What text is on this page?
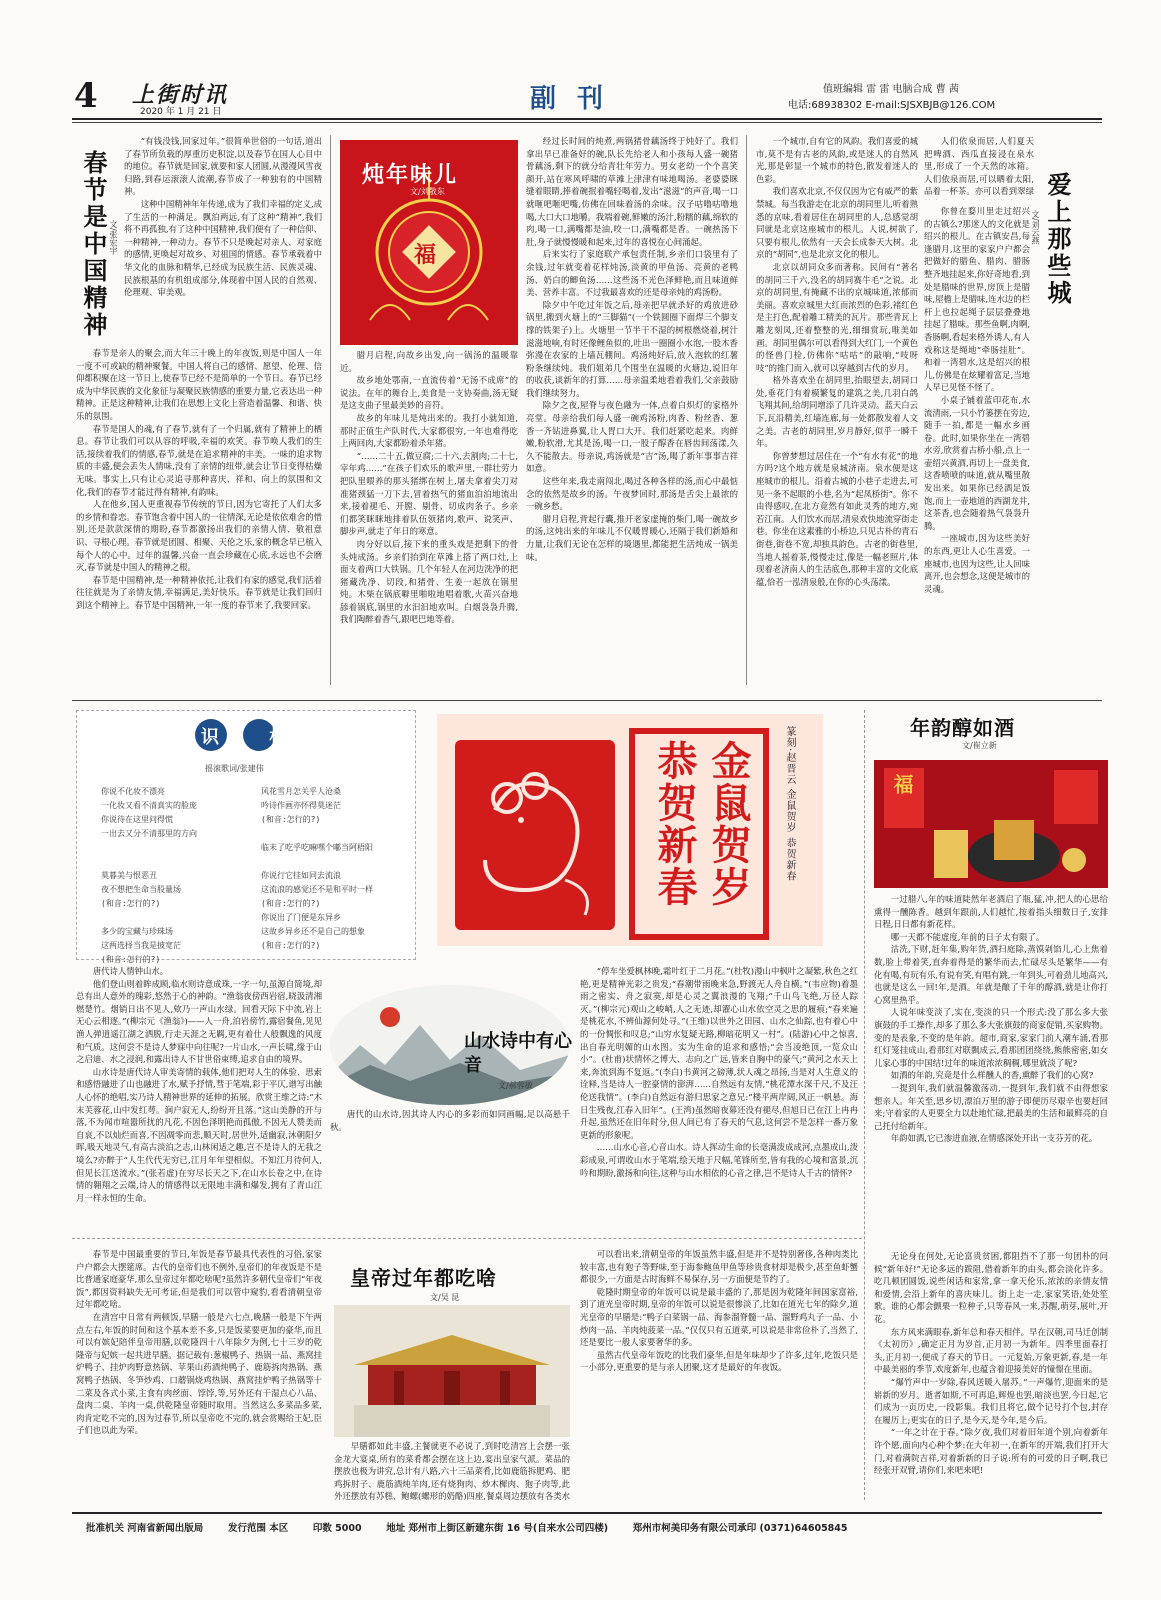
4 上街时讯
2020 年 1 月 21 日	副 刊	值班编辑 雷 雷 电脑合成 曹 茜
电话:68938302 E-mail:SJSXBJB@126.COM
春节是中国精神 文/张宏宇

“有钱没钱,回家过年。”很简单世俗的一句话,道出了春节所负载的厚重历史积淀,以及春节在国人心目中的地位。春节就是回家,就要和家人团圆,从漫漫风雪夜归路,到春运滚滚人流潮,春节成了一种独有的中国精神。

这种中国精神年年传递,成为了我们幸福的定义,成了生活的一种满足。飘泊两远,有了这种“精神”,我们将不再孤独,有了这种中国精神,我们便有了一种信仰、一种精神,一种动力。春节不只是晚起对亲人、对家庭的感情,更唤起对故乡、对祖国的情感。春节承载着中华文化的血脉和精华,已经成为民族生活、民族灵魂、民族根基的有机组成部分,体现着中国人民的自然观、伦理观、审美观。

春节是亲人的聚会,而大年三十晚上的年夜饭,则是中国人一年一度不可或缺的精神聚餐。中国人将自己的感情、愿望、伦理、信仰都积聚在这一节日上,使春节已经不是简单的一个节日。春节已经成为中华民族的文化象征与凝聚民族情感的重要力量,它表达出一种精神。正是这种精神,让我们在思想上文化上营造着温馨、和谐、快乐的氛围。

春节是国人的魂,有了春节,就有了一个归属,就有了精神上的栖息。春节让我们可以从容的呼吸,幸福的欢笑。春节唤人我们的生活,接续着我们的情感,春节,就是在追求精神的丰美。一味的追求物质的丰盛,便会丢失人情味,没有了亲情的纽带,就会让节日变得枯燥无味。事实上,只有让心灵追寻那种喜庆、祥和、向上的氛围和文化,我们的春节才能过得有精神,有韵味。

人在他乡,国人更重视春节传统的节日,因为它寄托了人们太多的乡情和眷恋。春节饱含着中国人的一往情深,无论是依依难舍的惜别,还是款款深情的期盼,春节都激扬出我们的亲情人情、敬祖意识、寻根心理。春节就是团圆、相聚、天伦之乐,家的概念早已植入每个人的心中。过年的温馨,兴奋一直会珍藏在心底,永远也不会磨灭,春节就是中国人的精神之根。

春节是中国精神,是一种精神依托,让我们有家的感觉,我们活着往往就是为了亲情友情,幸福满足,美好快乐。春节就是让我们回归到这个精神上。春节是中国精神,一年一度的春节来了,我要回家。

炖年味儿
文/刘敬东
福

腊月启程,向故乡出发,向一锅汤的温暖靠近。

故乡地处鄂南,一直流传着“无汤不成席”的说法。在年的舞台上,美食是一支协奏曲,汤无疑是这支曲子里最美妙的音符。

故乡的年味儿是炖出来的。我打小就知道,那时正值生产队时代,大家都很穷,一年也难得吃上两回肉,大家都盼着杀年猪。

“……二十五,做豆腐;二十六,去割肉;二十七,宰年鸡……”在孩子们欢乐的歌声里,一群壮劳力把队里喂养的那头猪绑在树上,屠夫拿着尖刀对准猪颈猛一刀下去,冒着热气的猪血泊泊地流出来,接着褪毛、开膛、剔骨、切成肉条子。乡亲们都笑眯眯地排着队伍领猪肉,歌声、说笑声、脚步声,就走了年日的寒意。

肉分好以后,接下来的重头戏是把剩下的骨头炖成汤。乡亲们抬到在草滩上搭了两口灶,上面支着两口大铁锅。几个年轻人在河边洗净的把猪藏洗净、切段,和猪骨、生姜一起放在锅里炖。木柴在锅底噼里啪啦地唱着歌,火苗兴奋地舔着锅底,锅里的水汩汩地欢叫。白烟袅袅升腾,我们陶醉着香气,跟吧巴地等着。

经过长时间的炖煮,两锅猪骨藕汤终于炖好了。我们拿出早已准备好的碗,队长先给老人和小孩每人盛一碗猪骨藕汤,剩下的就分给青壮年劳力。男女老幼一个个喜笑颜开,站在寒风呼啸的草滩上津津有味地喝汤。老婆婆眯缝着眼睛,捧着碗抿着嘴轻喝着,发出“滋滋”的声音,喝一口就咂吧咂吧嘴,仿佛在回味着汤的余味。汉子咕噜咕噜地喝,大口大口地嚼。我端着碗,鲜嫩的汤汁,粉糯的藕,绵软的肉,喝一口,满嘴都是油,咬一口,满嘴都是香。一碗热汤下肚,身子就慢慢暖和起来,过年的喜悦在心间涌起。

后来实行了家庭联产承包责任制,乡亲们口袋里有了余钱,过年就变着花样炖汤,淡黄的甲鱼汤、亮黄的老鸭汤、奶白的鲫鱼汤……这些汤不光色泽鲜艳,而且味道鲜美、营养丰富。不过我最喜欢的还是母亲炖的鸡汤粉。

除夕中午吃过年饭之后,母亲把早就杀好的鸡放进砂锅里,搬到火塘上的“三脚猫”(一个铁圆圈下面焊三个脚支撑的铁架子)上。火塘里一节半干不湿的树根燃烧着,树汁滋滋地响,有时还像鲤鱼似的,吐出一圈圈小水泡,一股木香弥漫在农家的上墙瓦棚间。鸡汤炖好后,放入泡软的红薯粉条继续炖。我们姐弟几个围坐在温暖的火塘边,说旧年的收获,谈新年的打算……母亲温柔地看着我们,父亲鼓励我们继续努力。

除夕之夜,屋脊与夜色融为一体,点着白炽灯的家格外亮堂。母亲给我们每人盛一碗鸡汤粉,肉香、粉丝香、葱香一齐钻进鼻翼,让人胃口大开。我们赶紧吃起来。肉鲜嫩,粉软滑,尤其是汤,喝一口,一股子醇香在唇齿间荡漾,久久不能散去。母亲说,鸡汤就是“吉”汤,喝了新年事事吉祥如意。

这些年来,我走南闯北,喝过各种各样的汤,而心中最惦念的依然是故乡的汤。午夜梦回时,那汤是舌尖上最浓的一碗乡愁。

腊月启程,背起行囊,推开老家虚掩的柴门,喝一碗故乡的汤,这炖出来的年味儿不仅暖胃暖心,还隔于我们新婚和力量,让我们无论在怎样的境遇里,都能把生活炖成一锅美味。

一个城市,自有它的风韵。我们喜爱的城市,莫不是有古老的风韵,或是迷人的自然风光,那是彰显一个城市的特色,散发着迷人的色彩。

我们喜欢北京,不仅仅因为它有威严的紫禁城。每当我游走在北京的胡同里儿,听着熟悉的京味,看着居住在胡同里的人,总感觉胡同就是北京这座城市的根儿。人说,树欲了,只要有根儿,依然有一天会长成参天大树。北京的“胡同”,也是北京文化的根儿。

北京以胡同众多而著称。民间有“著名的胡同三千六,没名的胡同赛牛毛”之说。北京的胡同里,有掩藏不出的京城味道,浓郁而美丽。喜欢京城里大红而浓烈的色彩,褚红色是主打色,配着雕工精美的瓦片。那些青瓦上雕龙刻凤,还着整整的光,细细赏玩,唯美如画。胡同里偶尔可以看得到大红门,一个黄色的怪兽门栓,仿佛你“咕咕”的敲响,“吱呀吱”的推门而入,就可以穿越到古代的岁月。

格外喜欢坐在胡同里,抬眼望去,胡同口处,垂花门有着模繁复的建筑之美,几羽白鸽飞翔其间,给胡同增添了几许灵动。蓝天白云下,瓦沿精美,红墙连廊,每一处都散发着人文之美。古老的胡同里,岁月静好,似乎一瞬千年。

你曾梦想过居住在一个“有水有花”的地方吗?这个地方就是泉城济南。泉水便是这座城市的根儿。沿着古城的小巷子走进去,可见一条不起眼的小巷,名为“起凤桥街”。你不由得感叹,在北方竟然有如此灵秀的地方,宛若江南。人们饮水而居,清泉欢快地流穿街走巷。你坐在这素雅的小桥边,只见古朴的青石街巷,街巷不宽,却独具韵色。古老的街巷里,当地人摇着茶,慢慢走过,像是一幅老照片,体现着老济南人的生活底色,那种丰富的文化底蕴,恰若一泓清泉般,在你的心头荡漾。

人们依泉而居,人们夏天把啤酒、西瓜直接浸在泉水里,形成了一个天然的冰箱。人们依泉而居,可以晒着太阳,品着一杯茶。亦可以看到翠绿 爱上那些城
文/刘云燕

你曾在婺川里走过绍兴的古镇么?那迷人的文化就是绍兴的根儿。在古镇安昌,每逢腊月,这里的家家户户都会把做好的腊鱼、腊肉、腊肠整齐地挂起来,你好奇地看,到处是腊味的世界,房顶上是腊味,屋檐上是腊味,连水边的栏杆上也拉起绳子层层叠叠地挂起了腊味。那些鱼啊,肉啊,香肠啊,看起来格外诱人,有人戏称这是绳地“牵肠挂肚”。和着一湾碧水,这是绍兴的根儿,仿佛是在炫耀着富足,当地人早已见怪不怪了。

小桌子铺着蓝印花布,水流清雨,一只小竹篓摆在旁边,随手一拍,都是一幅水乡画卷。此时,如果你坐在一湾碧水旁,欣赏着古桥小船,点上一壶绍兴黄酒,再切上一盘美食,这香喷喷的味道,就从嘴里散发出来。如果你已经酒足饭饱,而上一壶地道的西湖龙井,这茶香,也会随着热气袅袅升腾。

一座城市,因为这些美好的东西,更让人心生喜爱。一座城市,也因为这些,让人回味离开,也会想念,这便是城市的灵魂。

识 相
摇滚歌词/张建伟
你说不化妆不漂亮
一化妆又看不清真实的脸庞
你说待在这里问得慌
一出去又分不清那里的方向

莫暮美与恨恶丑
夜不想把生命当股量场
(和音:怎行的?)

多少的宝藏与珍珠场
这两选择当我是披宽茫
(和音:怎行的?)
风花雪月怎关乎人沧桑
吟诗作画亦怀得莫迷茫
(和音:怎行的?)

临末了吃乎吃嘛嘿个嘟当阿梧阳

你说行它挂如同去流浪
这流浪的感觉还不是和平时一样
(和音:怎行的?)
你说出了门便是东异乡
这故乡异乡还不是自己的想象
(和音:怎行的?)
金鼠贺岁 恭贺新春	篆刻·赵晋云 金鼠贺岁 恭贺新春	年韵醇如酒
文/崔立新
福

一过腊八,年的味道陡然年老酒启了瓶,猛,冲,把人的心思给熏得一醺陈香。越到年跟前,人们越忙,按着指头细数日子,安排日程,日日都有新花样。

哪一天都不能虚度,年前的日子太有限了。

沽洗,下财,赶年集,购年货,洒扫庭除,蒸馍剁馅儿,心上焦着数,脸上带着笑,直奔着得是的繁华而去,忙碌尽头是繁华——有化有喝,有玩有乐,有说有笑,有唱有跳,一年到头,可着劲儿地高兴,也就是这么一回!年,是酒。年就是酿了千年的醇酒,就是让你打心窝里热乎。

人说年味变淡了,实在,变淡的只一个形式:没了那么多大张旗鼓的手工操作,却多了那么多大张旗鼓的商家促销,买家购物。变的是表象,不变的是年韵。超市,商家,家家门前人潮车涌,看那红灯笼挂成山,看那红对联飘成云,看那团团绕绕,熊熊密密,如女儿家心事的中国结!过年的味道浓浓稠稠,哪里就淡了呢?

如酒的年韵,究竟是什么样醺人的香,熏醉了我们的心窝?

一提到年,我们就温馨激荡动,一提到年,我们就不由得想家想亲人。年关至,思乡切,漂泊万里的游子即便历尽艰辛也要赶回来;守着家的人更要全力以赴地忙碌,把最美的生活和最鲜亮的自己托付给新年。

年韵如酒,它已渗进血液,在情感深处开出一支芬芳的花。

无论身在何处,无论富贵贫困,都阻挡不了那一句团朴的问候“新年好!”无论多远的跋阻,借着新年的由头,都会淡化许多。吃几顿团圆饭,说些闲话和家常,拿一拿天伦乐,浓浓的亲情友情和爱情,会沿上新年的喜庆味儿。街上走一走,家家笑语,处处笙歌。谁的心都会颤栗一粒种子,只等春风一来,苏醒,萌芽,展叶,开花。

东方风来满眼春,新年总和春天相伴。早在汉朝,司马迁创制《太初历》,确定正月为岁首,正月初一为新年。四季里面春打头,正月初一,便成了春天的节日。一元复始,万象更新,春,是一年中最美丽的季节,欢度新年,也蕴含着迎接美好的憧憬在里面。

“爆竹声中一岁除,春风送暖入屠苏。”一声爆竹,迎面来的是崭新的岁月。逝者如斯,不可再追,辉煌也罢,暗淡也罢,今日起,它们成为一页历史,一段影集。我们且将它,做个记号打个包,封存在履历上;更实在的日子,是今天,是今年,是今后。

“一年之计在于春。”除夕夜,我们对着旧年道个别,向着新年许个愿,面向内心种个梦:在大年初一,在新年的开端,我们打开大门,对着满院吉祥,对着新新的日子说:所有的可爱的日子啊,我已经张开双臂,请你们,来吧来吧!

山水诗中有心音
文/郝蓉敏

唐代诗人情钟山水。

他们登山则着眸成顾,临水则诗意成珠,一字一句,虽源自简境,却总有出人意外的瑰彩,悠然于心的神韵。“渔翁夜傍西岩宿,晓汲清湘燃楚竹。烟销日出不见人,欸乃一声山水绿。回看天际下中流,岩上无心云相逐。”(柳宗元《渔翁》)——人一舟,泊岩傍竹,露宿餐鱼,见见渔人弹逍遥江湖之洒脱,行走天涯之无羁,更有着仕人般飘逸的风度和气质。这何尝不是诗人梦寐中向往呢?一片山水,一声长啸,缘于山之启迪、水之浸润,和露出诗人不甘世俗束缚,追求自由的境界。

山水诗是唐代诗人审美寄情的载体,他们把对人生的体验、思索和感悟融进了山也融进了水,赋予抒情,彗于笔端,彩于平仄,谱写出触人心怀的绝唱,实乃诗人精神世界的延伸的拓展。欣赏王维之诗:“木末芙蓉花,山中发红萼。涧户寂无人,纷纷开且落。”这山美静的开与落,不为闻市喧嚣所扰的凡花,不因色泽明艳而孤傲,不因无人赞美而自哀,不以灿烂而喜,不因凋零而悲,顺天时,居世外,适幽寂,沐朝阳夕晖,吸天地灵气,有高古淡泊之志,山林闲适之趣,岂不是诗人的无我之境么?亦醉于“人生代代无穷已,江月年年望相似。不知江月待何人,但见长江送流水。”(张若虚)在穷尽长天之下,在山水长卷之中,在诗情的翱翔之云端,诗人的情感得以无限地丰满和爆发,拥有了青山江月一样永恒的生命。

唐代的山水诗,因其诗人内心的多彩而如同画幅,足以高悬千秋。

“停车坐爱枫林晚,霜叶红于二月花。”(杜牧)漫山中枫叶之凝紫,秋色之红艳,更是精神光彩之贵发;“春潮带雨晚来急,野渡无人舟自横。”(韦应物)着墨雨之密实、舟之寂寞,却是心灵之翼浪漫的飞翔;“千山鸟飞绝,万径人踪灭。”(柳宗元)观山之峻峭,人之无迹,却濯心山水依空灵之思的履痕;“春来遍是桃花水,不辨仙源何处寻。”(王维)以世外之田园、山水之仙踪,也有着心中的一份惆怅和叹息;“山穷水复疑无路,柳暗花明又一村”。(陆游)心中之惊喜,出自春光明媚的山水图。实为生命的追求和感悟;“会当凌绝顶,一览众山小”。(杜甫)状情怀之博大、志向之广远,皆来自胸中的豪气;“黄河之水天上来,奔流到海不复返。”(李白)书黄河之磅薄,状人魂之昂扬,当是对人生意义的诠释,当是诗人一腔豪情的澎湃……自然远有友情,“桃花潭水深千尺,不及汪伦送我情”。(李白)自然远有游归思家之意兄:“楼平两岸阔,风正一帆悬。海日生残夜,江春入旧年”。(王湾)虽然暗夜幕还没有褪尽,但旭日已在江上冉冉升起,虽然还在旧年时分,但人间已有了春天的气息,这何尝不是怎样一番万象更新的形象呢。

……山水心音,心音山水。诗人挥动生命的长毫满泼成成河,点墨成山,泼彩成泉,可谓收山水于笔端,绘天地于尺幅,笔锋所至,皆有我的心境和富景,沉吟和期盼,激扬和向往,这种与山水相依的心音之律,岂不是诗人千古的情怀?

春节是中国最重要的节日,年饭是春节最具代表性的习俗,家家户户都会大摆筵席。古代的皇帝们也不例外,皇帝们的年夜饭是不是比普通家庭豪华,那么皇帝过年都吃啥呢?虽然许多朝代皇帝们“年夜饭”,都因资料缺失无可考证,但是我们可以管中窥豹,看看清朝皇帝过年都吃啥。

在清宫中日常有两顿饭,早膳一般是六七点,晚膳一般是下午两点左右,年饭的时间和这个基本差不多,只是饭菜要更加的豪华,而且可以有嫔妃陪伴皇帝用膳,以乾隆四十八年除夕为例,七十三岁的乾隆帝与妃嫔一起共进早膳。据记载有:葱椒鸭子、热锅一品、燕窝挂炉鸭子、挂炉肉野意热锅、苹果山药酒炖鸭子、鹿筋拆肉热锅、燕窝鸭子热锅、冬笋炒鸡、口蘑锅烧鸡热锅、燕窝挂炉鸭子热锅等十二菜及各式小菜,主食有肉丝面、饽饽,等,另外还有干湿点心八品、盘肉二桌、羊肉一桌,供乾隆皇帝随时取用。当然这么多菜品多菜,肉肯定吃不完的,因为过春节,所以皇帝吃不完的,就会赏赐给王妃,臣子们也以此为荣。

皇帝过年都吃啥
文/吴 昆

早膳都如此丰盛,主餐就更不必说了,到时吃清宫上会摆一张金龙大宴桌,所有的菜肴都会摆在这上边,宴出皇家气派。菜品的摆放也极为讲究,总计有八路,六十三品菜肴,比如鹿筋拆肥鸡、肥鸡拆肘子、鹿筋酒炖羊肉,还有烧狗肉、炒木樨肉、狍子肉等,此外还摆放有苏糕、鲍螺(螺形的奶酪)四座,餐桌周边摆放有各类水

可以看出来,清朝皇帝的年饭虽然丰盛,但是并不是特别奢侈,各种肉类比较丰富,也有狍子等野味,至于海参鲍鱼甲鱼等珍贵食材却是极少,甚至鱼虾蟹都很少,一方面是古时海鲜不易保存,另一方面便是节约了。

乾隆时期皇帝的年饭可以说是最丰盛的了,那是因为乾隆年间国家富裕,到了道光皇帝时期,皇帝的年饭可以说是很惨淡了,比如在道光七年的除夕,道光皇帝的早膳是:“鸭子白菜锅一品、海参溜脊髓一品、溜野鸡丸子一品、小炒肉一品、羊肉炖菠菜一品。”仅仅只有五道菜,可以说是非常俭朴了,当然了,还是要比一般人家要奢华的多。

虽然古代皇帝年饭吃的比我们豪华,但是年味却少了许多,过年,吃饭只是一小部分,更重要的是与亲人团聚,这才是最好的年夜饭。

批准机关 河南省新闻出版局	发行范围 本区	印数 5000	地址 郑州市上街区新建东街 16 号(自来水公司四楼)	郑州市柯美印务有限公司承印 (0371)64605845
